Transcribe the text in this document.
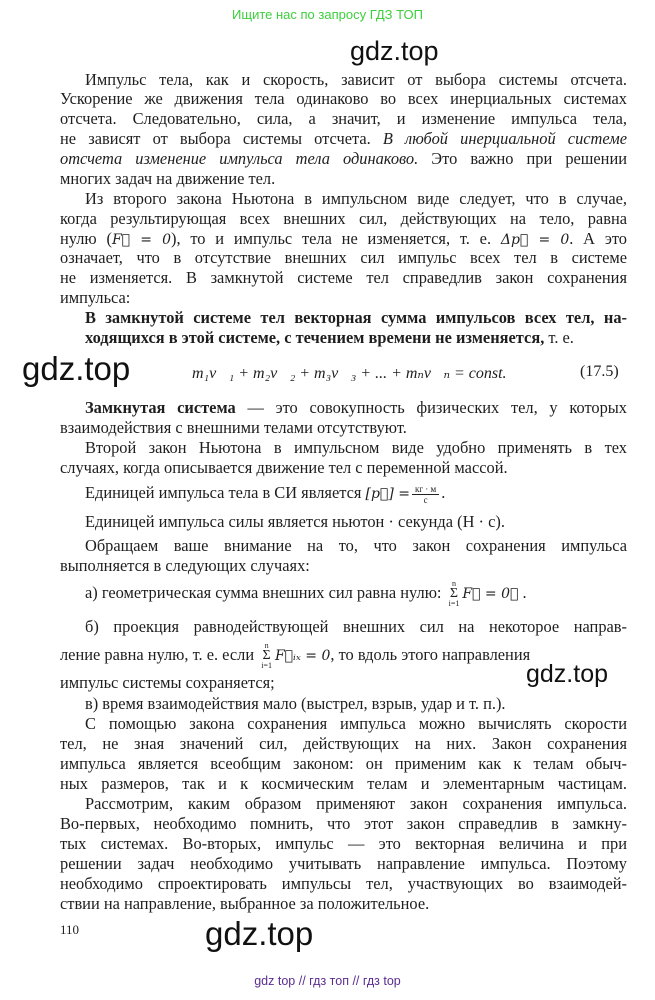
Ищите нас по запросу ГДЗ ТОП
gdz.top
gdz.top
gdz.top
gdz.top
Импульс тела, как и скорость, зависит от выбора системы отсчета.
Ускорение же движения тела одинаково во всех инерциальных системах
отсчета. Следовательно, сила, а значит, и изменение импульса тела,
не зависят от выбора системы отсчета. В любой инерциальной системе
отсчета изменение импульса тела одинаково. Это важно при решении
многих задач на движение тел.
Из второго закона Ньютона в импульсном виде следует, что в случае,
когда результирующая всех внешних сил, действующих на тело, равна
нулю (F⃗ = 0), то и импульс тела не изменяется, т. е. Δp⃗ = 0. А это
означает, что в отсутствие внешних сил импульс всех тел в системе
не изменяется. В замкнутой системе тел справедлив закон сохранения
импульса:
В замкнутой системе тел векторная сумма импульсов всех тел, на-
ходящихся в этой системе, с течением времени не изменяется, т. е.
Замкнутая система — это совокупность физических тел, у которых
взаимодействия с внешними телами отсутствуют.
Второй закон Ньютона в импульсном виде удобно применять в тех
случаях, когда описывается движение тел с переменной массой.
Единицей импульса тела в СИ является [p⃗] = $\frac{кг \cdot м}{с}$ .
Единицей импульса силы является ньютон · секунда (Н · с).
Обращаем ваше внимание на то, что закон сохранения импульса
выполняется в следующих случаях:
а) геометрическая сумма внешних сил равна нулю: n
Σ
i=1F⃗ = 0⃗ .
б) проекция равнодействующей внешних сил на некоторое направ-
ление равна нулю, т. е. если n
Σ
i=1F⃗ᵢₓ = 0, то вдоль этого направления
импульс системы сохраняется;
в) время взаимодействия мало (выстрел, взрыв, удар и т. п.).
С помощью закона сохранения импульса можно вычислять скорости
тел, не зная значений сил, действующих на них. Закон сохранения
импульса является всеобщим законом: он применим как к телам обыч-
ных размеров, так и к космическим телам и элементарным частицам.
Рассмотрим, каким образом применяют закон сохранения импульса.
Во-первых, необходимо помнить, что этот закон справедлив в замкну-
тых системах. Во-вторых, импульс — это векторная величина и при
решении задач необходимо учитывать направление импульса. Поэтому
необходимо спроектировать импульсы тел, участвующих во взаимодей-
ствии на направление, выбранное за положительное.
m₁v⃗₁ + m₂v⃗₂ + m₃v⃗₃ + ... + mₙv⃗ₙ = const.	(17.5)
110
gdz top // гдз топ // гдз top
